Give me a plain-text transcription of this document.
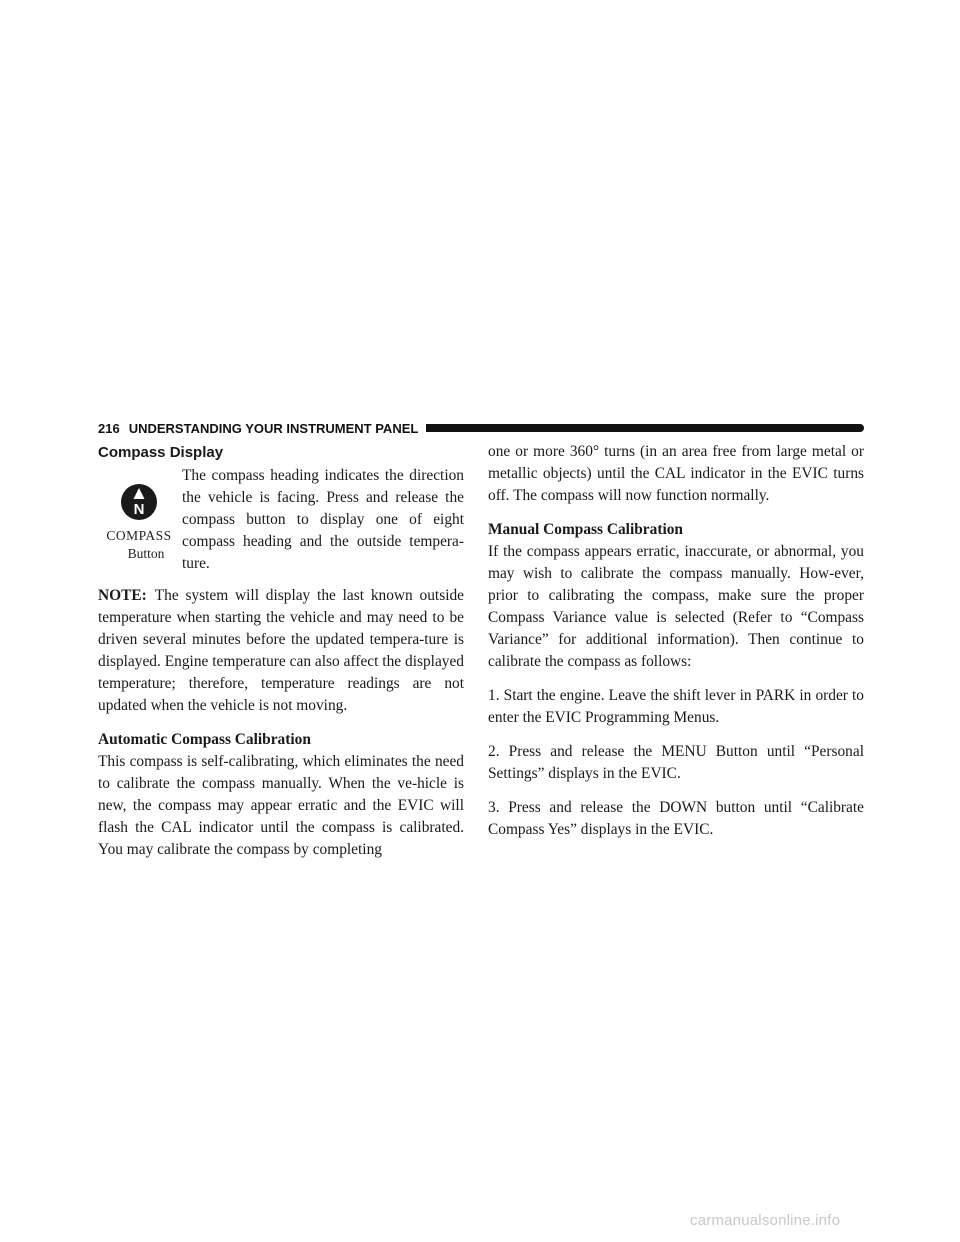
216 UNDERSTANDING YOUR INSTRUMENT PANEL
Compass Display
N
COMPASS
Button

The compass heading indicates the direction the vehicle is facing. Press and release the compass button to display one of eight compass heading and the outside tempera-ture.

NOTE: The system will display the last known outside temperature when starting the vehicle and may need to be driven several minutes before the updated tempera-ture is displayed. Engine temperature can also affect the displayed temperature; therefore, temperature readings are not updated when the vehicle is not moving.

Automatic Compass Calibration

This compass is self-calibrating, which eliminates the need to calibrate the compass manually. When the ve-hicle is new, the compass may appear erratic and the EVIC will flash the CAL indicator until the compass is calibrated. You may calibrate the compass by completing

one or more 360° turns (in an area free from large metal or metallic objects) until the CAL indicator in the EVIC turns off. The compass will now function normally.

Manual Compass Calibration

If the compass appears erratic, inaccurate, or abnormal, you may wish to calibrate the compass manually. How-ever, prior to calibrating the compass, make sure the proper Compass Variance value is selected (Refer to “Compass Variance” for additional information). Then continue to calibrate the compass as follows:

1. Start the engine. Leave the shift lever in PARK in order to enter the EVIC Programming Menus.

2. Press and release the MENU Button until “Personal Settings” displays in the EVIC.

3. Press and release the DOWN button until “Calibrate Compass Yes” displays in the EVIC.

carmanualsonline.info
